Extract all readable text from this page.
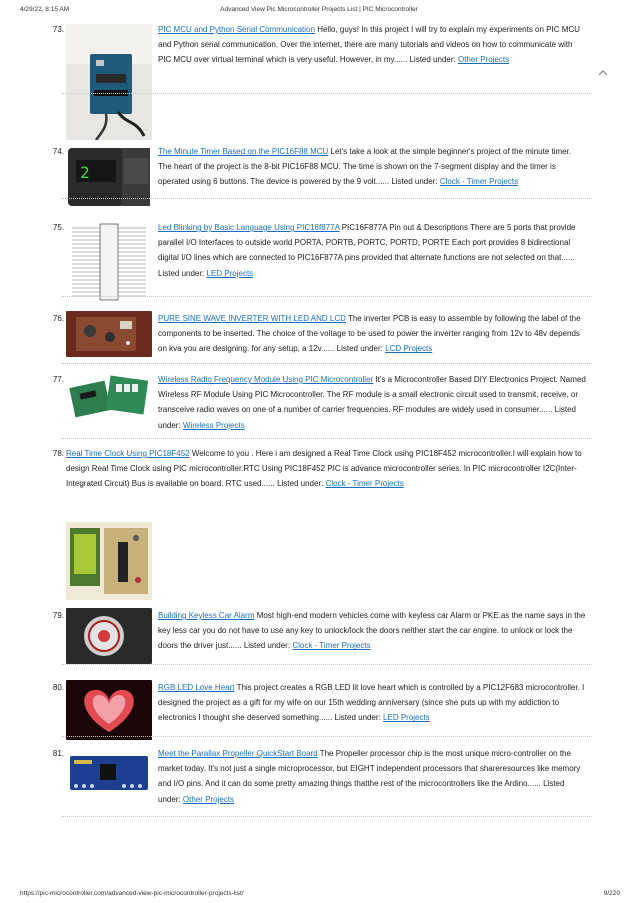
4/29/22, 8:15 AM	Advanced View Pic Microcontroller Projects List | PIC Microcontroller
73.	PIC MCU and Python Serial Communication Hello, guys! In this project I will try to explain my experiments on PIC MCU and Python serial communication. Over the internet, there are many tutorials and videos on how to communicate with PIC MCU over virtual terminal which is very useful. However, in my...... Listed under: Other Projects
74.
2
The Minute Timer Based on the PIC16F88 MCU Let's take a look at the simple beginner's project of the minute timer. The heart of the project is the 8-bit PIC16F88 MCU. The time is shown on the 7-segment display and the timer is operated using 6 buttons. The device is powered by the 9 volt...... Listed under: Clock - Timer Projects
75.	Led Blinking by Basic Language Using PIC16f877A PIC16F877A Pin out & Descriptions There are 5 ports that provide parallel I/O Interfaces to outside world PORTA, PORTB, PORTC, PORTD, PORTE Each port provides 8 bidirectional digital I/O lines which are connected to PIC16F877A pins provided that alternate functions are not selected on that...... Listed under: LED Projects
76.	PURE SINE WAVE INVERTER WITH LED AND LCD The inverter PCB is easy to assemble by following the label of the components to be inserted. The choice of the voltage to be used to power the inverter ranging from 12v to 48v depends on kva you are designing. for any setup, a 12v...... Listed under: LCD Projects
77.	Wireless Radio Frequency Module Using PIC Microcontroller It's a Microcontroller Based DIY Electronics Project. Named Wireless RF Module Using PIC Microcontroller. The RF module is a small electronic circuit used to transmit, receive, or transceive radio waves on one of a number of carrier frequencies. RF modules are widely used in consumer...... Listed under: Wireless Projects
78. Real Time Clock Using PIC18F452 Welcome to you . Here i am designed a Real Time Clock using PIC18F452 microcontroller.I will explain how to design Real Time Clock using PIC microcontroller.RTC Using PIC18F452 PIC is advance microcontroller series. In PIC microcontroller I2C(Inter-Integrated Circuit) Bus is available on board. RTC used...... Listed under: Clock - Timer Projects
79.	Building Keyless Car Alarm Most high-end modern vehicles come with keyless car Alarm or PKE.as the name says in the key less car you do not have to use any key to unlock/lock the doors neither start the car engine. to unlock or lock the doors the driver just...... Listed under: Clock - Timer Projects
80.	RGB LED Love Heart This project creates a RGB LED lit love heart which is controlled by a PIC12F683 microcontroller. I designed the project as a gift for my wife on our 15th wedding anniversary (since she puts up with my addiction to electronics I thought she deserved something...... Listed under: LED Projects
81.	Meet the Parallax Propeller QuickStart Board The Propeller processor chip is the most unique micro-controller on the market today. It's not just a single microprocessor, but EIGHT independent processors that shareresources like memory and I/O pins. And it can do some pretty amazing things thatthe rest of the microcontrollers like the Ardino...... Listed under: Other Projects
https://pic-microcontroller.com/advanced-view-pic-microcontroller-projects-list/	9/220
